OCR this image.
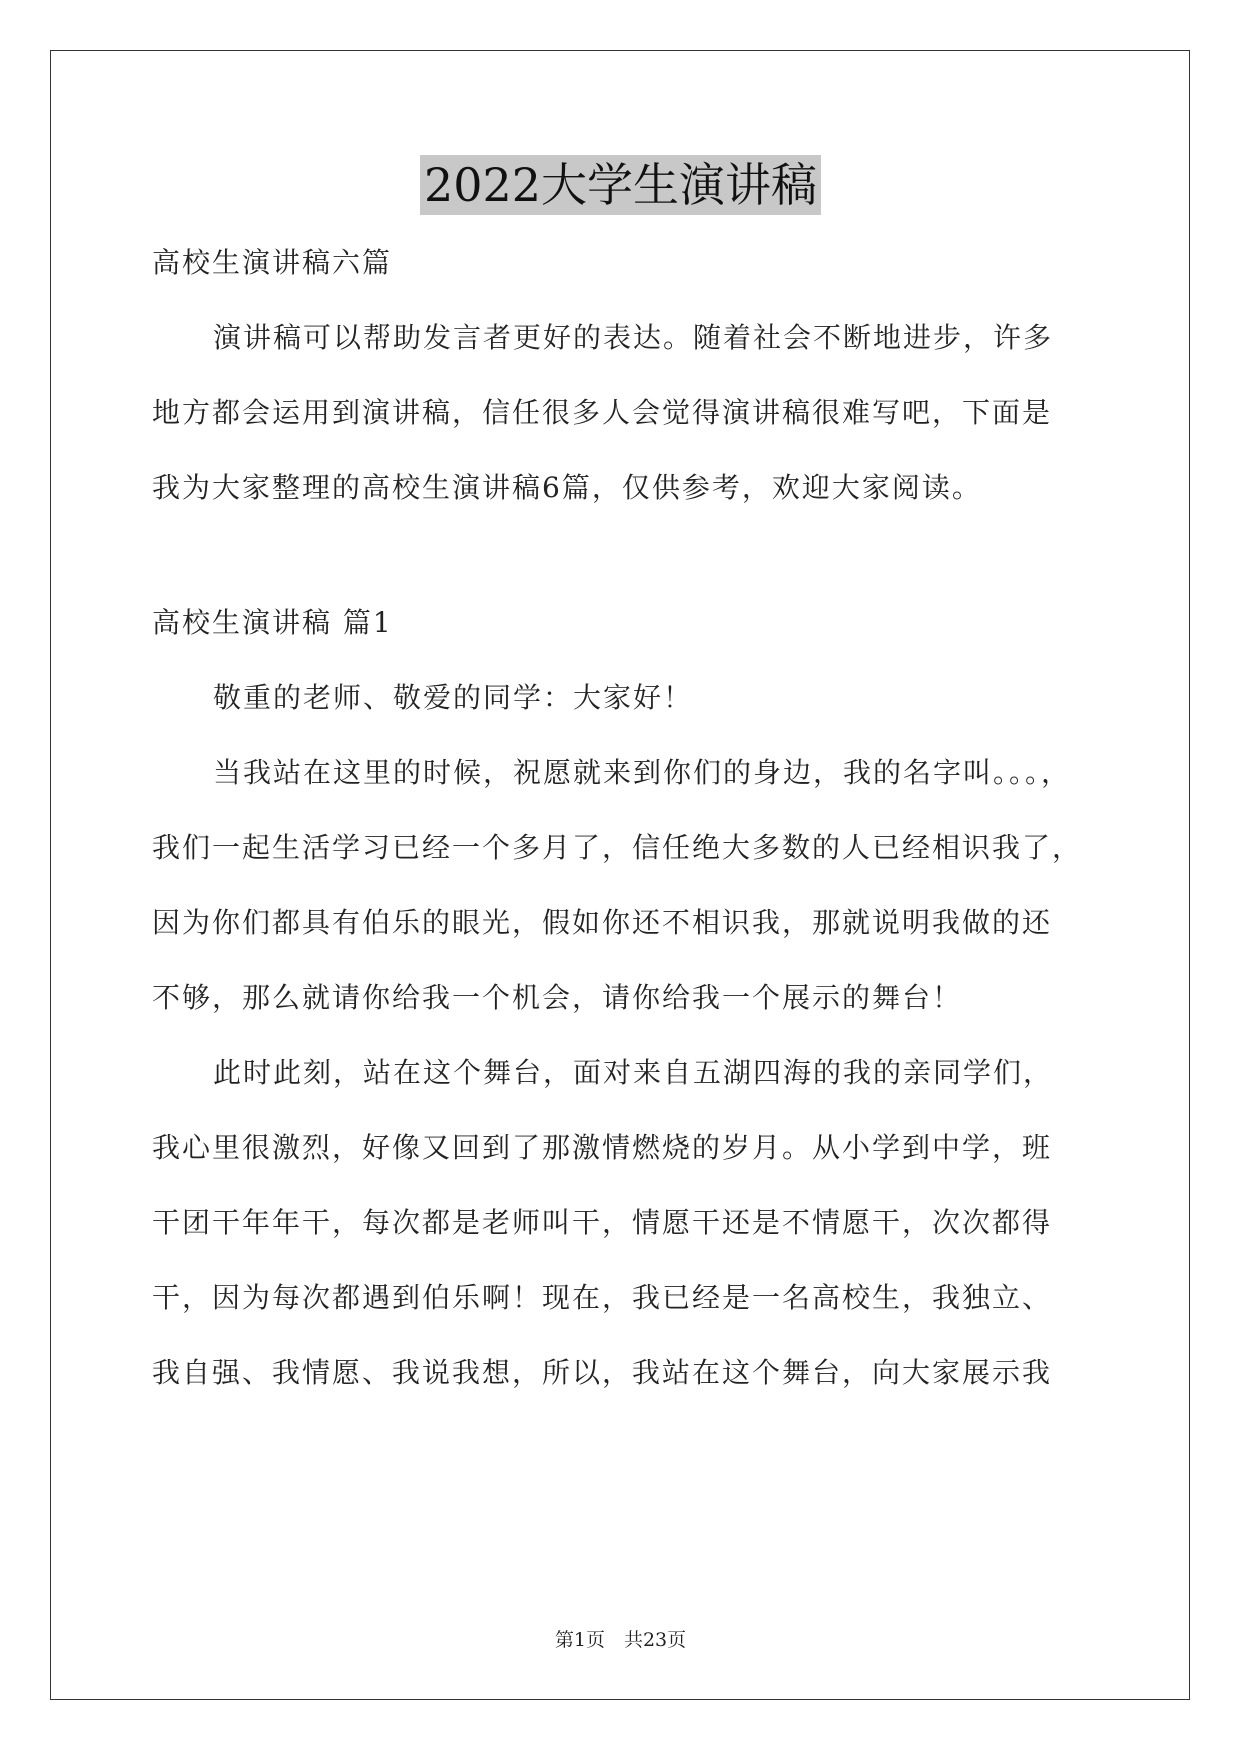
2022大学生演讲稿
高校生演讲稿六篇
演讲稿可以帮助发言者更好的表达。随着社会不断地进步，许多
地方都会运用到演讲稿，信任很多人会觉得演讲稿很难写吧，下面是
我为大家整理的高校生演讲稿6篇，仅供参考，欢迎大家阅读。
高校生演讲稿 篇1
敬重的老师、敬爱的同学：大家好！
当我站在这里的时候，祝愿就来到你们的身边，我的名字叫。。。，
我们一起生活学习已经一个多月了，信任绝大多数的人已经相识我了，
因为你们都具有伯乐的眼光，假如你还不相识我，那就说明我做的还
不够，那么就请你给我一个机会，请你给我一个展示的舞台！
此时此刻，站在这个舞台，面对来自五湖四海的我的亲同学们，
我心里很激烈，好像又回到了那激情燃烧的岁月。从小学到中学，班
干团干年年干，每次都是老师叫干，情愿干还是不情愿干，次次都得
干，因为每次都遇到伯乐啊！现在，我已经是一名高校生，我独立、
我自强、我情愿、我说我想，所以，我站在这个舞台，向大家展示我
第1页　共23页
